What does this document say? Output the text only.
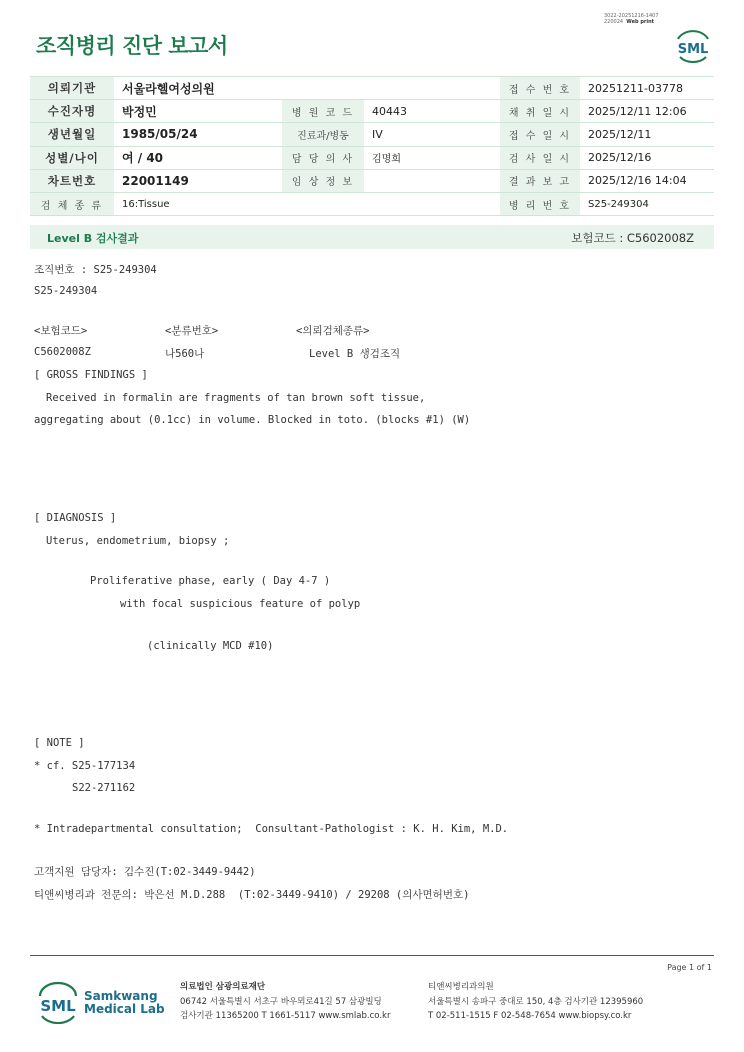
3022-20251216-1407
220024 Web print
조직병리 진단 보고서	SML
의뢰기관	서울라헬여성의원			접 수 번 호	20251211-03778
수진자명	박정민	병 원 코 드	40443	채 취 일 시	2025/12/11 12:06
생년월일	1985/05/24	진료과/병동	IV	접 수 일 시	2025/12/11
성별/나이	여 / 40	담 당 의 사	김명희	검 사 일 시	2025/12/16
차트번호	22001149	임 상 정 보		결 과 보 고	2025/12/16 14:04
검 체 종 류	16:Tissue			병 리 번 호	S25-249304
Level B 검사결과	보험코드 : C5602008Z
조직번호 : S25-249304
S25-249304
<보험코드>	<분류번호>	<의뢰검체종류>
C5602008Z	나560나	Level B 생검조직
[ GROSS FINDINGS ]
Received in formalin are fragments of tan brown soft tissue,
aggregating about (0.1cc) in volume. Blocked in toto. (blocks #1) (W)
[ DIAGNOSIS ]
Uterus, endometrium, biopsy ;
Proliferative phase, early ( Day 4-7 )
with focal suspicious feature of polyp
(clinically MCD #10)
[ NOTE ]
* cf. S25-177134
S22-271162
* Intradepartmental consultation;  Consultant-Pathologist : K. H. Kim, M.D.
고객지원 담당자: 김수진(T:02-3449-9442)
티앤씨병리과 전문의: 박은선 M.D.288  (T:02-3449-9410) / 29208 (의사면허번호)
Page 1 of 1
SML
Samkwang
Medical Lab
의료법인 삼광의료재단
06742 서울특별시 서초구 바우뫼로41길 57 삼광빌딩
검사기관 11365200 T 1661-5117 www.smlab.co.kr
티앤씨병리과의원
서울특별시 송파구 중대로 150, 4층 검사기관 12395960
T 02-511-1515 F 02-548-7654 www.biopsy.co.kr
